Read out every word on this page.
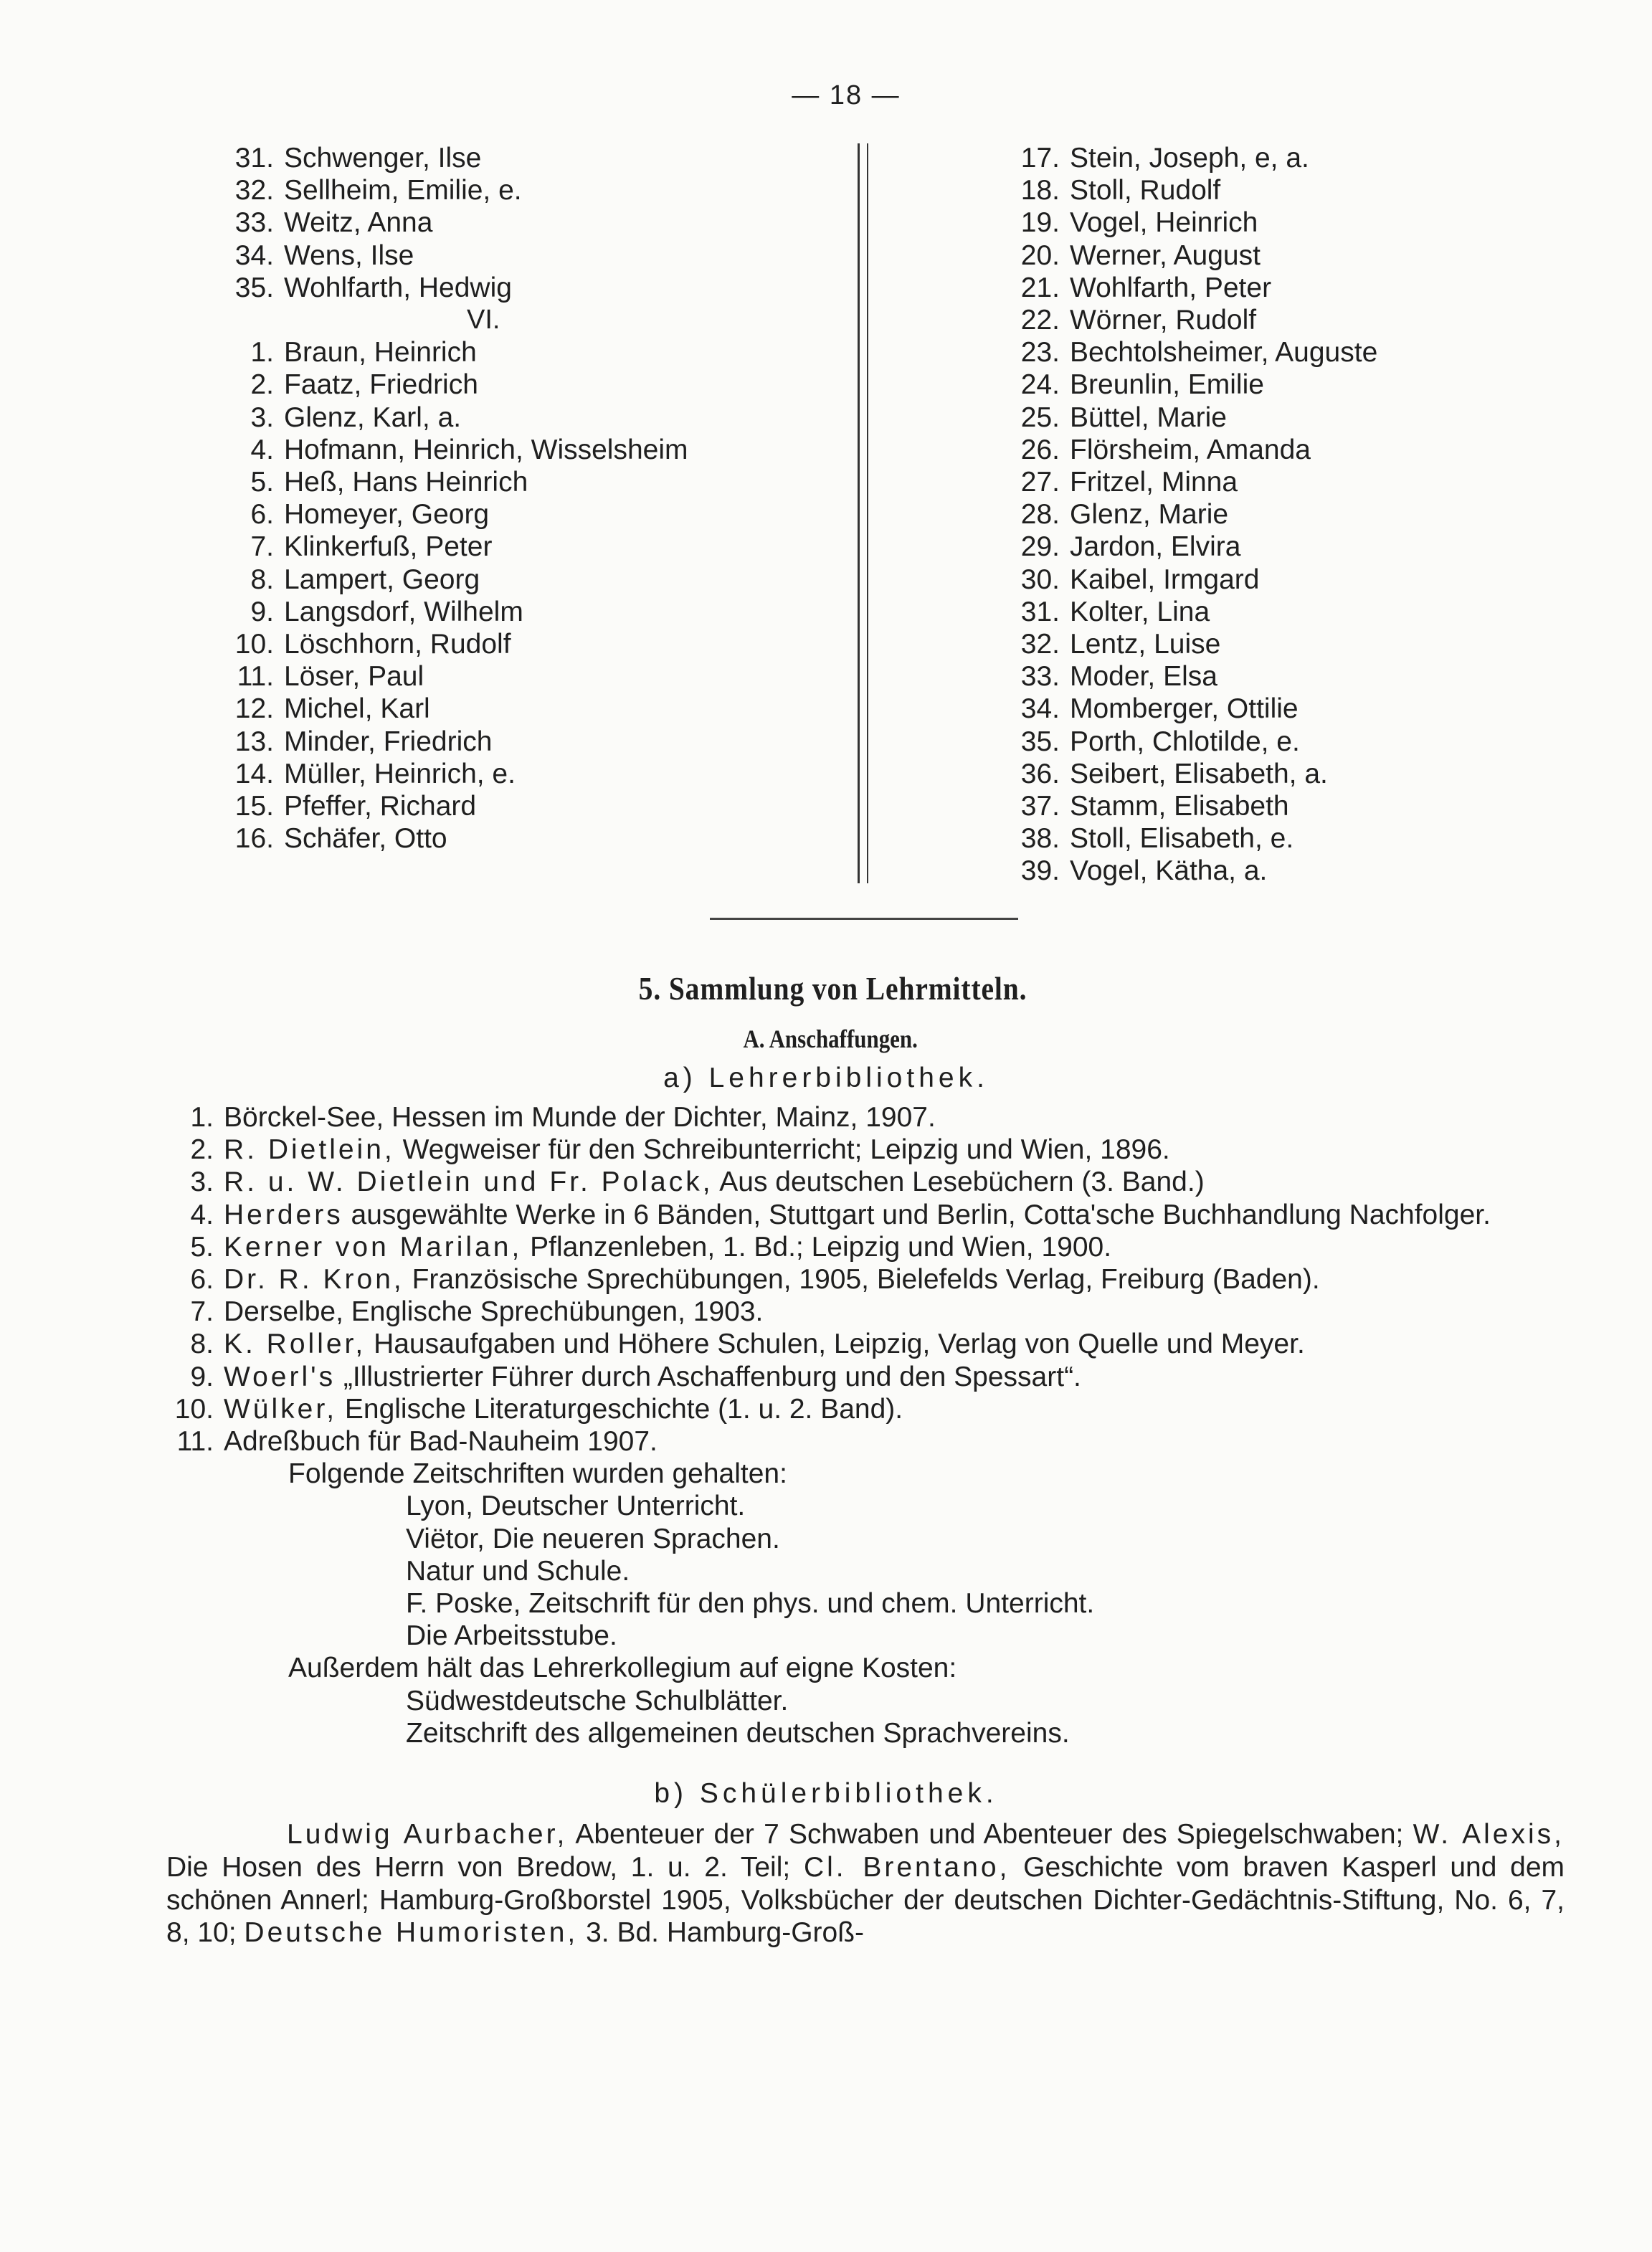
— 18 —
31. Schwenger, Ilse
32. Sellheim, Emilie, e.
33. Weitz, Anna
34. Wens, Ilse
35. Wohlfarth, Hedwig
VI.
1. Braun, Heinrich
2. Faatz, Friedrich
3. Glenz, Karl, a.
4. Hofmann, Heinrich, Wisselsheim
5. Heß, Hans Heinrich
6. Homeyer, Georg
7. Klinkerfuß, Peter
8. Lampert, Georg
9. Langsdorf, Wilhelm
10. Löschhorn, Rudolf
11. Löser, Paul
12. Michel, Karl
13. Minder, Friedrich
14. Müller, Heinrich, e.
15. Pfeffer, Richard
16. Schäfer, Otto
17. Stein, Joseph, e, a.
18. Stoll, Rudolf
19. Vogel, Heinrich
20. Werner, August
21. Wohlfarth, Peter
22. Wörner, Rudolf
23. Bechtolsheimer, Auguste
24. Breunlin, Emilie
25. Büttel, Marie
26. Flörsheim, Amanda
27. Fritzel, Minna
28. Glenz, Marie
29. Jardon, Elvira
30. Kaibel, Irmgard
31. Kolter, Lina
32. Lentz, Luise
33. Moder, Elsa
34. Momberger, Ottilie
35. Porth, Chlotilde, e.
36. Seibert, Elisabeth, a.
37. Stamm, Elisabeth
38. Stoll, Elisabeth, e.
39. Vogel, Kätha, a.
5. Sammlung von Lehrmitteln.
A. Anschaffungen.
a) Lehrerbibliothek.
1. Börckel-See, Hessen im Munde der Dichter, Mainz, 1907.
2. R. Dietlein, Wegweiser für den Schreibunterricht; Leipzig und Wien, 1896.
3. R. u. W. Dietlein und Fr. Polack, Aus deutschen Lesebüchern (3. Band.)
4. Herders ausgewählte Werke in 6 Bänden, Stuttgart und Berlin, Cotta'sche Buchhandlung Nachfolger.
5. Kerner von Marilan, Pflanzenleben, 1. Bd.; Leipzig und Wien, 1900.
6. Dr. R. Kron, Französische Sprechübungen, 1905, Bielefelds Verlag, Freiburg (Baden).
7. Derselbe, Englische Sprechübungen, 1903.
8. K. Roller, Hausaufgaben und Höhere Schulen, Leipzig, Verlag von Quelle und Meyer.
9. Woerl's „Illustrierter Führer durch Aschaffenburg und den Spessart“.
10. Wülker, Englische Literaturgeschichte (1. u. 2. Band).
11. Adreßbuch für Bad-Nauheim 1907.
Folgende Zeitschriften wurden gehalten:
Lyon, Deutscher Unterricht.
Viëtor, Die neueren Sprachen.
Natur und Schule.
F. Poske, Zeitschrift für den phys. und chem. Unterricht.
Die Arbeitsstube.
Außerdem hält das Lehrerkollegium auf eigne Kosten:
Südwestdeutsche Schulblätter.
Zeitschrift des allgemeinen deutschen Sprachvereins.
b) Schülerbibliothek.

Ludwig Aurbacher, Abenteuer der 7 Schwaben und Abenteuer des Spiegelschwaben; W. Alexis, Die Hosen des Herrn von Bredow, 1. u. 2. Teil; Cl. Brentano, Geschichte vom braven Kasperl und dem schönen Annerl; Hamburg-Großborstel 1905, Volksbücher der deutschen Dichter-Gedächtnis-Stiftung, No. 6, 7, 8, 10; Deutsche Humoristen, 3. Bd. Hamburg-Groß-
